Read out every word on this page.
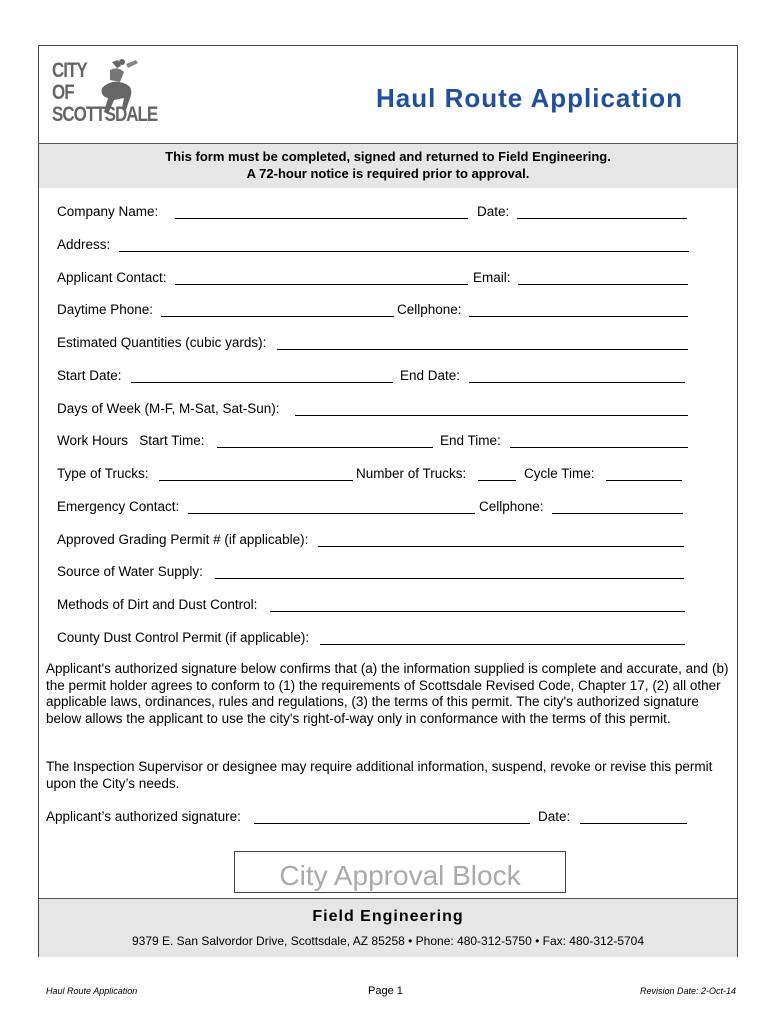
CITY
OF
SCOTTSDALE
Haul Route Application
This form must be completed, signed and returned to Field Engineering.
A 72-hour notice is required prior to approval.
Company Name:	Date:
Address:
Applicant Contact:	Email:
Daytime Phone:	Cellphone:
Estimated Quantities (cubic yards):
Start Date:	End Date:
Days of Week (M-F, M-Sat, Sat-Sun):
Work Hours   Start Time:	End Time:
Type of Trucks:	Number of Trucks:	Cycle Time:
Emergency Contact:	Cellphone:
Approved Grading Permit # (if applicable):
Source of Water Supply:
Methods of Dirt and Dust Control:
County Dust Control Permit (if applicable):
Applicant's authorized signature below confirms that (a) the information supplied is complete and accurate, and (b) the permit holder agrees to conform to (1) the requirements of Scottsdale Revised Code, Chapter 17, (2) all other applicable laws, ordinances, rules and regulations, (3) the terms of this permit. The city's authorized signature below allows the applicant to use the city's right-of-way only in conformance with the terms of this permit.
The Inspection Supervisor or designee may require additional information, suspend, revoke or revise this permit upon the City’s needs.
Applicant’s authorized signature:	Date:
City Approval Block
Field Engineering
9379 E. San Salvordor Drive, Scottsdale, AZ 85258 • Phone: 480-312-5750 • Fax: 480-312-5704
Haul Route Application	Page 1	Revision Date: 2-Oct-14
